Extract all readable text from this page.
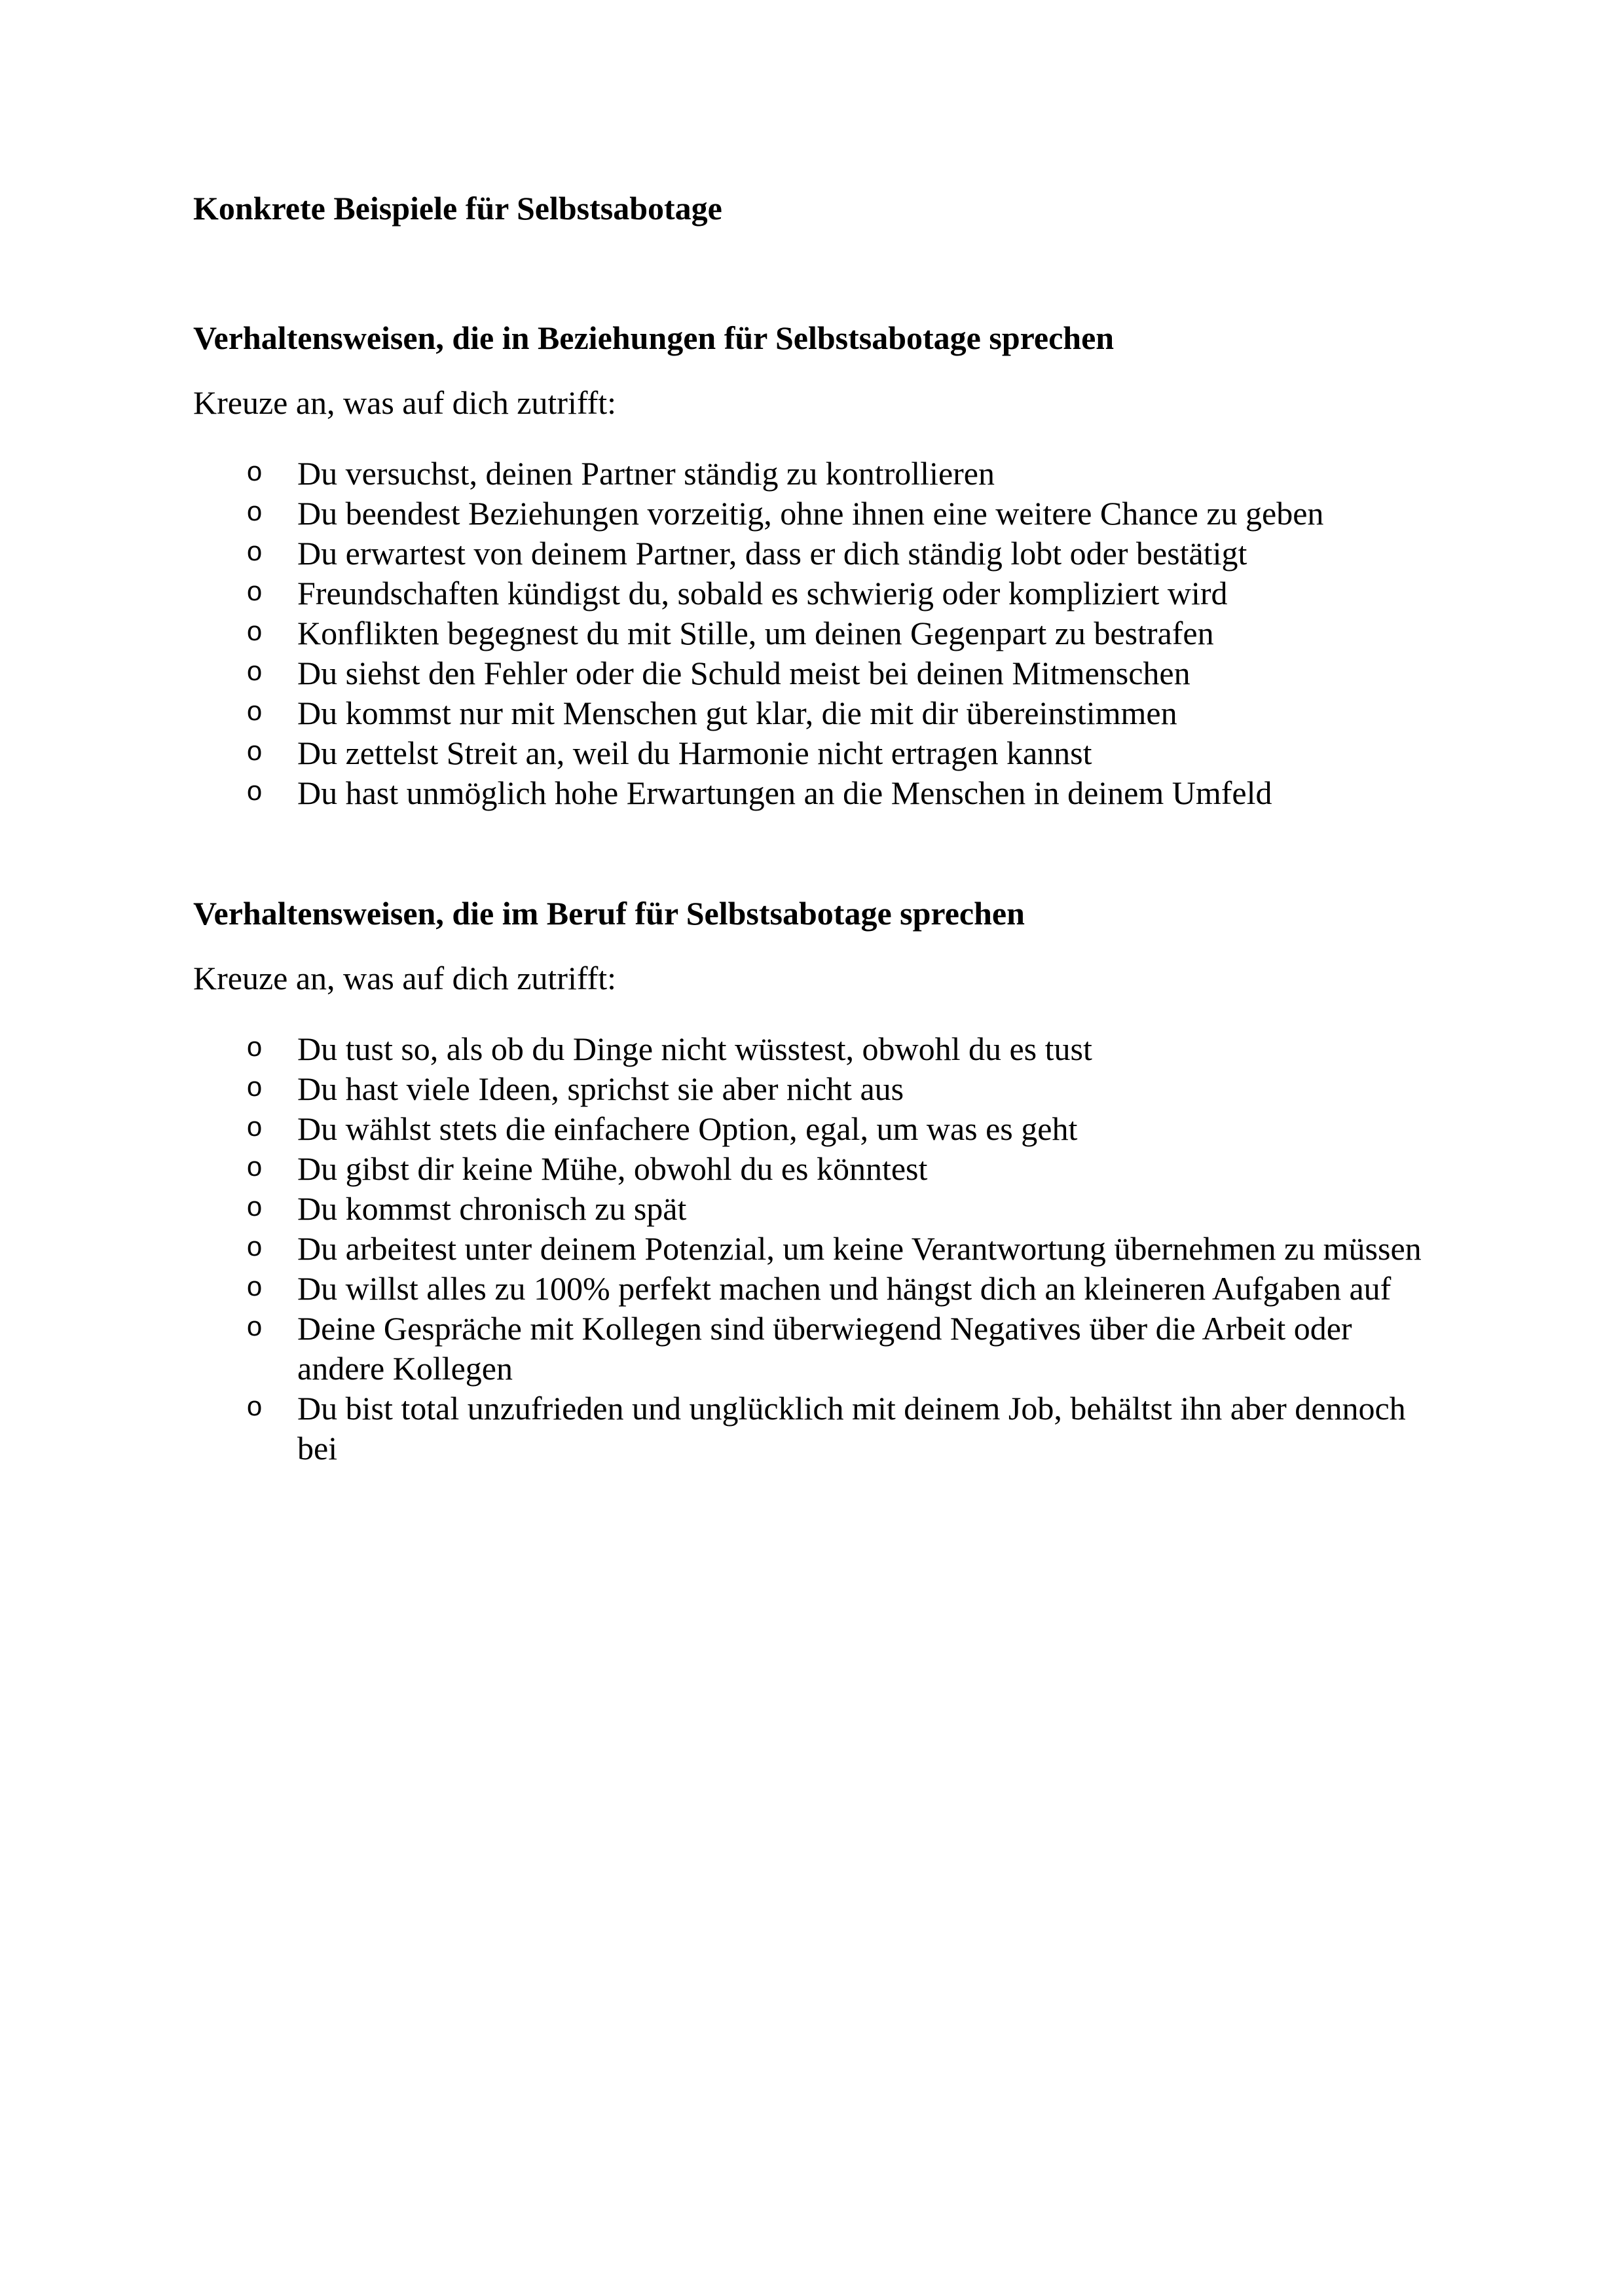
Konkrete Beispiele für Selbstsabotage
Verhaltensweisen, die in Beziehungen für Selbstsabotage sprechen

Kreuze an, was auf dich zutrifft:

o	Du versuchst, deinen Partner ständig zu kontrollieren
o	Du beendest Beziehungen vorzeitig, ohne ihnen eine weitere Chance zu geben
o	Du erwartest von deinem Partner, dass er dich ständig lobt oder bestätigt
o	Freundschaften kündigst du, sobald es schwierig oder kompliziert wird
o	Konflikten begegnest du mit Stille, um deinen Gegenpart zu bestrafen
o	Du siehst den Fehler oder die Schuld meist bei deinen Mitmenschen
o	Du kommst nur mit Menschen gut klar, die mit dir übereinstimmen
o	Du zettelst Streit an, weil du Harmonie nicht ertragen kannst
o	Du hast unmöglich hohe Erwartungen an die Menschen in deinem Umfeld
Verhaltensweisen, die im Beruf für Selbstsabotage sprechen

Kreuze an, was auf dich zutrifft:

o	Du tust so, als ob du Dinge nicht wüsstest, obwohl du es tust
o	Du hast viele Ideen, sprichst sie aber nicht aus
o	Du wählst stets die einfachere Option, egal, um was es geht
o	Du gibst dir keine Mühe, obwohl du es könntest
o	Du kommst chronisch zu spät
o	Du arbeitest unter deinem Potenzial, um keine Verantwortung übernehmen zu müssen
o	Du willst alles zu 100% perfekt machen und hängst dich an kleineren Aufgaben auf
o	Deine Gespräche mit Kollegen sind überwiegend Negatives über die Arbeit oder andere Kollegen
o	Du bist total unzufrieden und unglücklich mit deinem Job, behältst ihn aber dennoch bei
